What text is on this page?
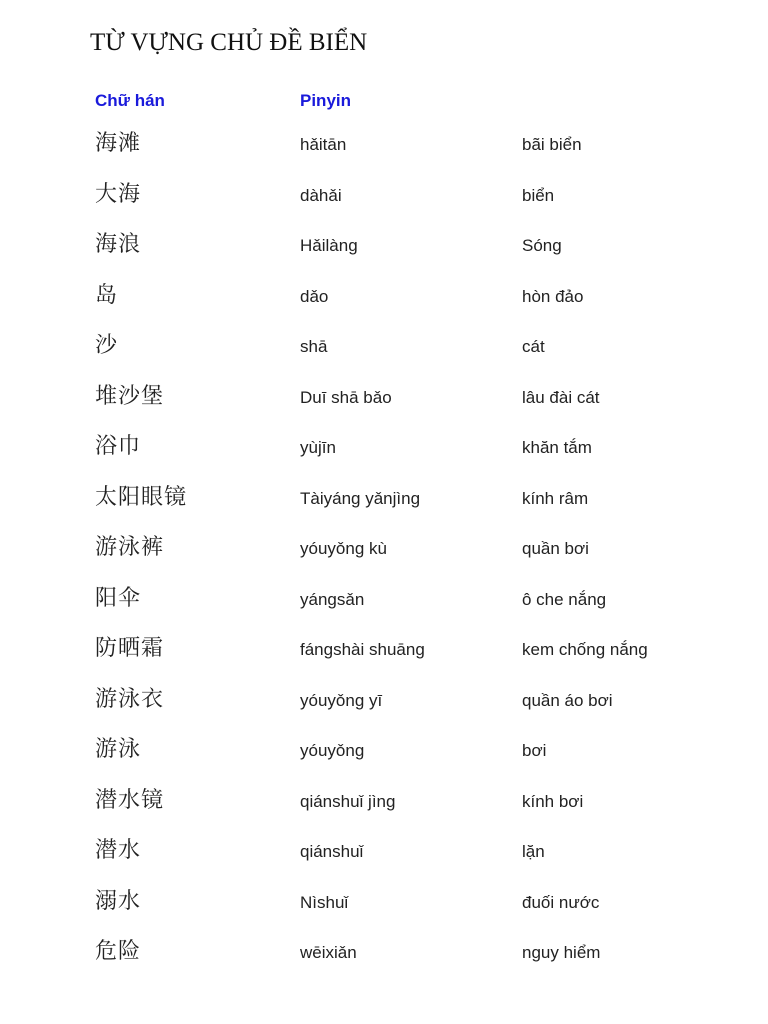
TỪ VỰNG CHỦ ĐỀ BIỂN
Chữ hán	Pinyin
海滩	hǎitān	bãi biển
大海	dàhǎi	biển
海浪	Hǎilàng	Sóng
岛	dǎo	hòn đảo
沙	shā	cát
堆沙堡	Duī shā bǎo	lâu đài cát
浴巾	yùjīn	khăn tắm
太阳眼镜	Tàiyáng yǎnjìng	kính râm
游泳裤	yóuyǒng kù	quần bơi
阳伞	yángsǎn	ô che nắng
防晒霜	fángshài shuāng	kem chống nắng
游泳衣	yóuyǒng yī	quần áo bơi
游泳	yóuyǒng	bơi
潜水镜	qiánshuǐ jìng	kính bơi
潜水	qiánshuǐ	lặn
溺水	Nìshuǐ	đuối nước
危险	wēixiǎn	nguy hiểm
